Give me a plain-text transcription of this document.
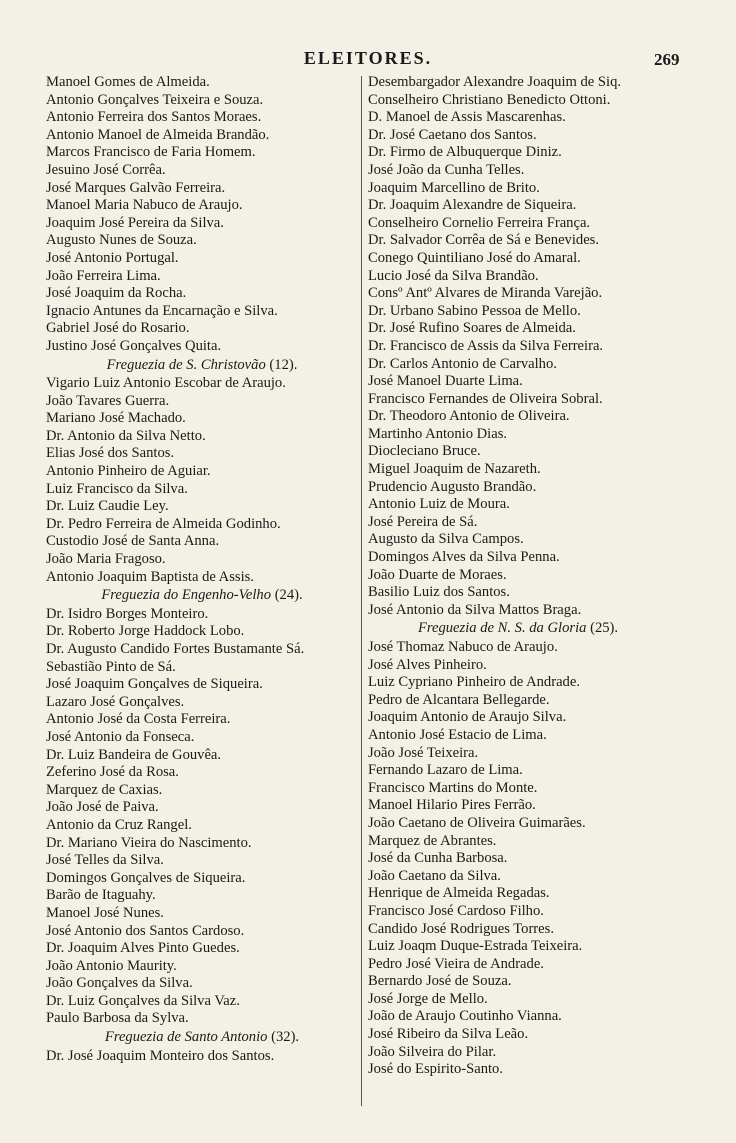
ELEITORES.	269
Manoel Gomes de Almeida.
Antonio Gonçalves Teixeira e Souza.
Antonio Ferreira dos Santos Moraes.
Antonio Manoel de Almeida Brandão.
Marcos Francisco de Faria Homem.
Jesuino José Corrêa.
José Marques Galvão Ferreira.
Manoel Maria Nabuco de Araujo.
Joaquim José Pereira da Silva.
Augusto Nunes de Souza.
José Antonio Portugal.
João Ferreira Lima.
José Joaquim da Rocha.
Ignacio Antunes da Encarnação e Silva.
Gabriel José do Rosario.
Justino José Gonçalves Quita.
Freguezia de S. Christovão (12).
Vigario Luiz Antonio Escobar de Araujo.
João Tavares Guerra.
Mariano José Machado.
Dr. Antonio da Silva Netto.
Elias José dos Santos.
Antonio Pinheiro de Aguiar.
Luiz Francisco da Silva.
Dr. Luiz Caudie Ley.
Dr. Pedro Ferreira de Almeida Godinho.
Custodio José de Santa Anna.
João Maria Fragoso.
Antonio Joaquim Baptista de Assis.
Freguezia do Engenho-Velho (24).
Dr. Isidro Borges Monteiro.
Dr. Roberto Jorge Haddock Lobo.
Dr. Augusto Candido Fortes Bustamante Sá.
Sebastião Pinto de Sá.
José Joaquim Gonçalves de Siqueira.
Lazaro José Gonçalves.
Antonio José da Costa Ferreira.
José Antonio da Fonseca.
Dr. Luiz Bandeira de Gouvêa.
Zeferino José da Rosa.
Marquez de Caxias.
João José de Paiva.
Antonio da Cruz Rangel.
Dr. Mariano Vieira do Nascimento.
José Telles da Silva.
Domingos Gonçalves de Siqueira.
Barão de Itaguahy.
Manoel José Nunes.
José Antonio dos Santos Cardoso.
Dr. Joaquim Alves Pinto Guedes.
João Antonio Maurity.
João Gonçalves da Silva.
Dr. Luiz Gonçalves da Silva Vaz.
Paulo Barbosa da Sylva.
Freguezia de Santo Antonio (32).
Dr. José Joaquim Monteiro dos Santos.
Desembargador Alexandre Joaquim de Siq.
Conselheiro Christiano Benedicto Ottoni.
D. Manoel de Assis Mascarenhas.
Dr. José Caetano dos Santos.
Dr. Firmo de Albuquerque Diniz.
José João da Cunha Telles.
Joaquim Marcellino de Brito.
Dr. Joaquim Alexandre de Siqueira.
Conselheiro Cornelio Ferreira França.
Dr. Salvador Corrêa de Sá e Benevides.
Conego Quintiliano José do Amaral.
Lucio José da Silva Brandão.
Consº Antº Alvares de Miranda Varejão.
Dr. Urbano Sabino Pessoa de Mello.
Dr. José Rufino Soares de Almeida.
Dr. Francisco de Assis da Silva Ferreira.
Dr. Carlos Antonio de Carvalho.
José Manoel Duarte Lima.
Francisco Fernandes de Oliveira Sobral.
Dr. Theodoro Antonio de Oliveira.
Martinho Antonio Dias.
Diocleciano Bruce.
Miguel Joaquim de Nazareth.
Prudencio Augusto Brandão.
Antonio Luiz de Moura.
José Pereira de Sá.
Augusto da Silva Campos.
Domingos Alves da Silva Penna.
João Duarte de Moraes.
Basilio Luiz dos Santos.
José Antonio da Silva Mattos Braga.
Freguezia de N. S. da Gloria (25).
José Thomaz Nabuco de Araujo.
José Alves Pinheiro.
Luiz Cypriano Pinheiro de Andrade.
Pedro de Alcantara Bellegarde.
Joaquim Antonio de Araujo Silva.
Antonio José Estacio de Lima.
João José Teixeira.
Fernando Lazaro de Lima.
Francisco Martins do Monte.
Manoel Hilario Pires Ferrão.
João Caetano de Oliveira Guimarães.
Marquez de Abrantes.
José da Cunha Barbosa.
João Caetano da Silva.
Henrique de Almeida Regadas.
Francisco José Cardoso Filho.
Candido José Rodrigues Torres.
Luiz Joaqm Duque-Estrada Teixeira.
Pedro José Vieira de Andrade.
Bernardo José de Souza.
José Jorge de Mello.
João de Araujo Coutinho Vianna.
José Ribeiro da Silva Leão.
João Silveira do Pilar.
José do Espirito-Santo.
